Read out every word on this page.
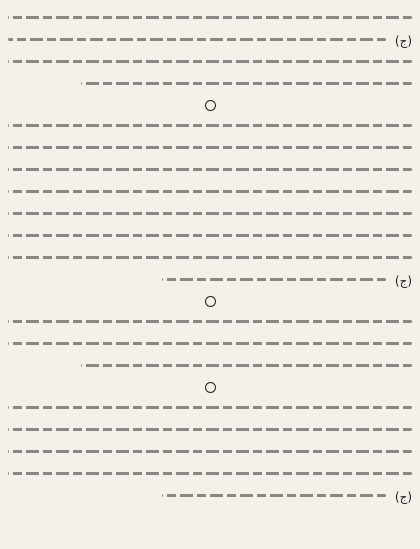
(ج)
(ج)
(ج)
